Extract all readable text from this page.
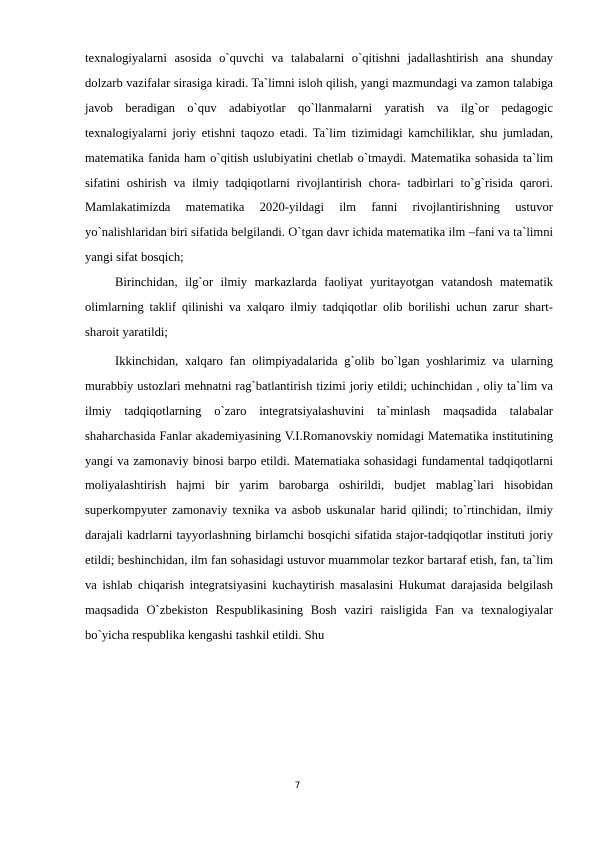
texnalogiyalarni asosida o`quvchi va talabalarni o`qitishni jadallashtirish ana shunday dolzarb vazifalar sirasiga kiradi. Ta`limni isloh qilish, yangi mazmundagi va zamon talabiga javob beradigan o`quv adabiyotlar qo`llanmalarni yaratish va ilg`or pedagogic texnalogiyalarni joriy etishni taqozo etadi. Ta`lim tizimidagi kamchiliklar, shu jumladan, matematika fanida ham o`qitish uslubiyatini chetlab o`tmaydi. Matematika sohasida ta`lim sifatini oshirish va ilmiy tadqiqotlarni rivojlantirish chora- tadbirlari to`g`risida qarori. Mamlakatimizda matematika 2020-yildagi ilm fanni rivojlantirishning ustuvor yo`nalishlaridan biri sifatida belgilandi. O`tgan davr ichida matematika ilm –fani va ta`limni yangi sifat bosqich;

Birinchidan, ilg`or ilmiy markazlarda faoliyat yuritayotgan vatandosh matematik olimlarning taklif qilinishi va xalqaro ilmiy tadqiqotlar olib borilishi uchun zarur shart-sharoit yaratildi;

Ikkinchidan, xalqaro fan olimpiyadalarida g`olib bo`lgan yoshlarimiz va ularning murabbiy ustozlari mehnatni rag`batlantirish tizimi joriy etildi; uchinchidan , oliy ta`lim va ilmiy tadqiqotlarning o`zaro integratsiyalashuvini ta`minlash maqsadida talabalar shaharchasida Fanlar akademiyasining V.I.Romanovskiy nomidagi Matematika institutining yangi va zamonaviy binosi barpo etildi. Matematiaka sohasidagi fundamental tadqiqotlarni moliyalashtirish hajmi bir yarim barobarga oshirildi, budjet mablag`lari hisobidan superkompyuter zamonaviy texnika va asbob uskunalar harid qilindi; to`rtinchidan, ilmiy darajali kadrlarni tayyorlashning birlamchi bosqichi sifatida stajor-tadqiqotlar instituti joriy etildi; beshinchidan, ilm fan sohasidagi ustuvor muammolar tezkor bartaraf etish, fan, ta`lim va ishlab chiqarish integratsiyasini kuchaytirish masalasini Hukumat darajasida belgilash maqsadida O`zbekiston Respublikasining Bosh vaziri raisligida Fan va texnalogiyalar bo`yicha respublika kengashi tashkil etildi. Shu

7
